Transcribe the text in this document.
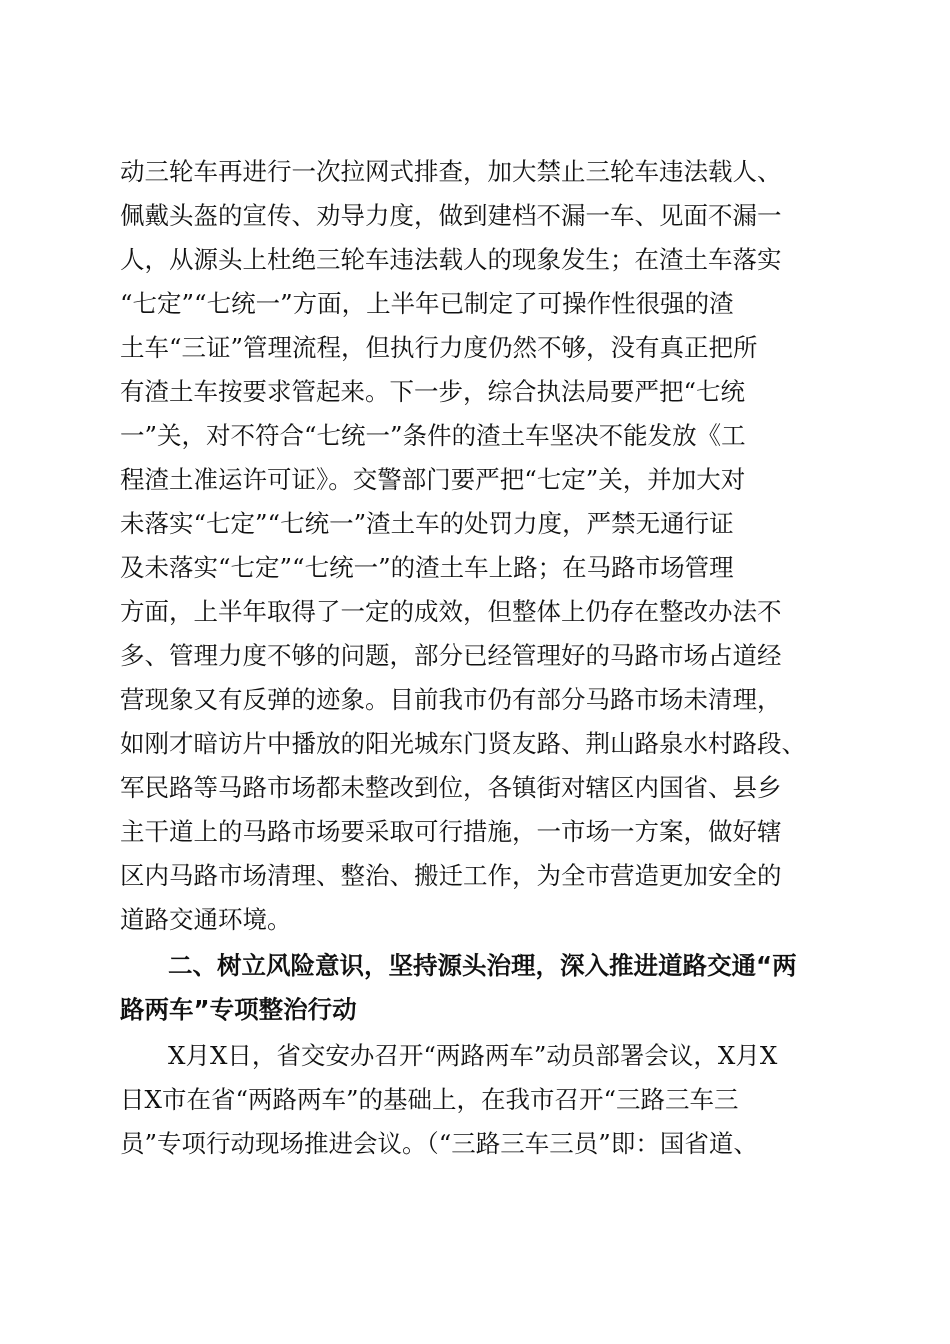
动三轮车再进行一次拉网式排查，加大禁止三轮车违法载人、
佩戴头盔的宣传、劝导力度，做到建档不漏一车、见面不漏一
人，从源头上杜绝三轮车违法载人的现象发生；在渣土车落实
“七定”“七统一”方面，上半年已制定了可操作性很强的渣
土车“三证”管理流程，但执行力度仍然不够，没有真正把所
有渣土车按要求管起来。下一步，综合执法局要严把“七统
一”关，对不符合“七统一”条件的渣土车坚决不能发放《工
程渣土准运许可证》。交警部门要严把“七定”关，并加大对
未落实“七定”“七统一”渣土车的处罚力度，严禁无通行证
及未落实“七定”“七统一”的渣土车上路；在马路市场管理
方面，上半年取得了一定的成效，但整体上仍存在整改办法不
多、管理力度不够的问题，部分已经管理好的马路市场占道经
营现象又有反弹的迹象。目前我市仍有部分马路市场未清理，
如刚才暗访片中播放的阳光城东门贤友路、荆山路泉水村路段、
军民路等马路市场都未整改到位，各镇街对辖区内国省、县乡
主干道上的马路市场要采取可行措施，一市场一方案，做好辖
区内马路市场清理、整治、搬迁工作，为全市营造更加安全的
道路交通环境。
二、树立风险意识，坚持源头治理，深入推进道路交通“两
路两车”专项整治行动
X月X日，省交安办召开“两路两车”动员部署会议，X月X
日X市在省“两路两车”的基础上，在我市召开“三路三车三
员”专项行动现场推进会议。（“三路三车三员”即：国省道、
